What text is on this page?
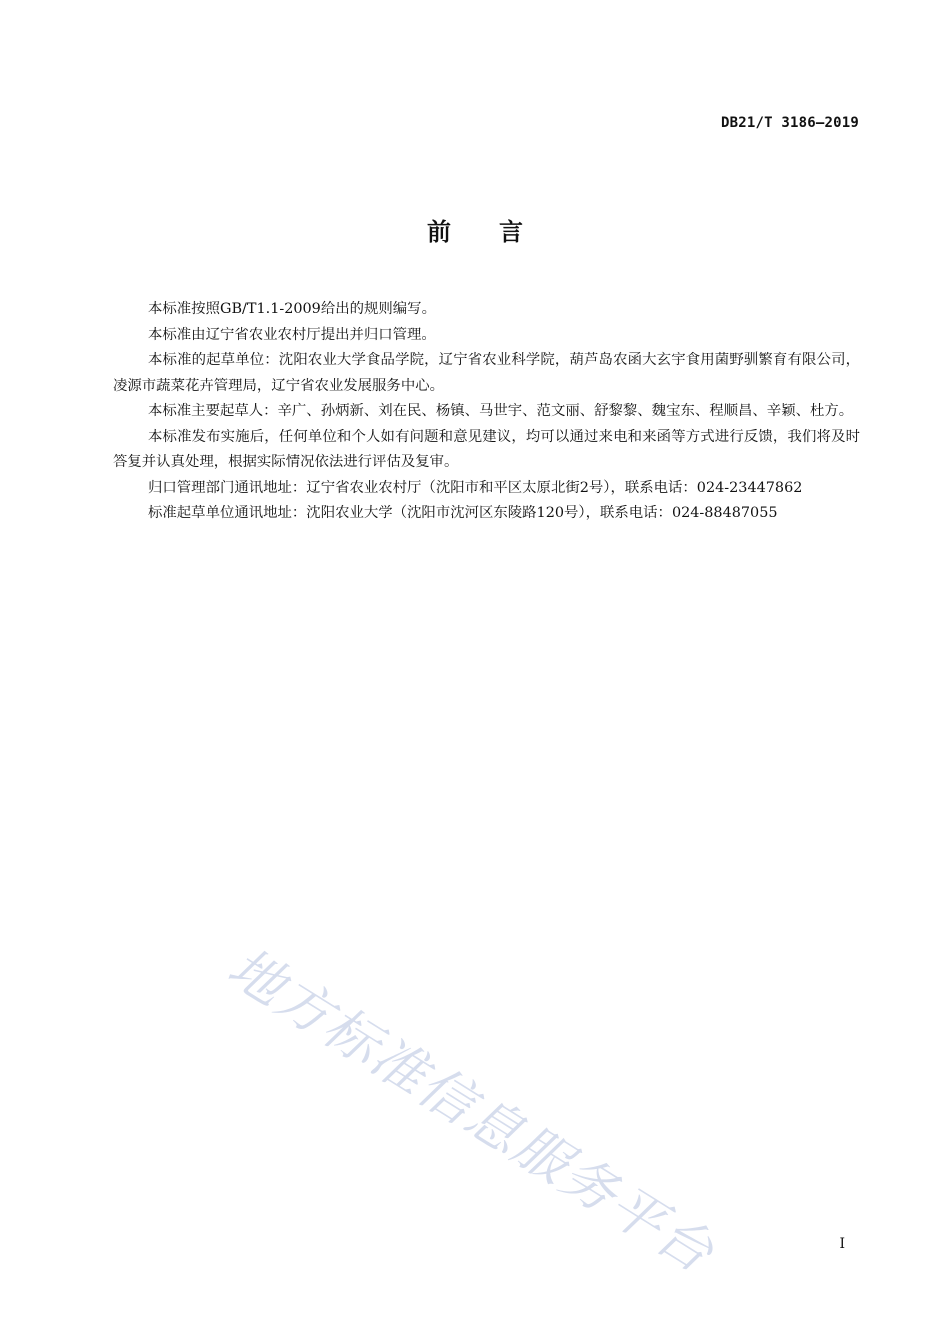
DB21/T 3186—2019
前言

本标准按照GB/T1.1-2009给出的规则编写。

本标准由辽宁省农业农村厅提出并归口管理。

本标准的起草单位：沈阳农业大学食品学院，辽宁省农业科学院，葫芦岛农函大玄宇食用菌野驯繁育有限公司，凌源市蔬菜花卉管理局，辽宁省农业发展服务中心。

本标准主要起草人：辛广、孙炳新、刘在民、杨镇、马世宇、范文丽、舒黎黎、魏宝东、程顺昌、辛颖、杜方。

本标准发布实施后，任何单位和个人如有问题和意见建议，均可以通过来电和来函等方式进行反馈，我们将及时答复并认真处理，根据实际情况依法进行评估及复审。

归口管理部门通讯地址：辽宁省农业农村厅（沈阳市和平区太原北街2号），联系电话：024-23447862

标准起草单位通讯地址：沈阳农业大学（沈阳市沈河区东陵路120号），联系电话：024-88487055

地方标准信息服务平台	I
